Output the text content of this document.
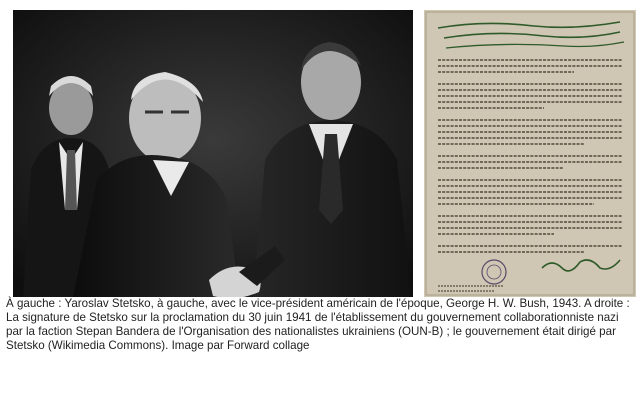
À gauche : Yaroslav Stetsko, à gauche, avec le vice-président américain de l'époque, George H. W. Bush, 1943. A droite : La signature de Stetsko sur la proclamation du 30 juin 1941 de l'établissement du gouvernement collaborationniste nazi par la faction Stepan Bandera de l'Organisation des nationalistes ukrainiens (OUN-B) ; le gouvernement était dirigé par Stetsko (Wikimedia Commons). Image par Forward collage
